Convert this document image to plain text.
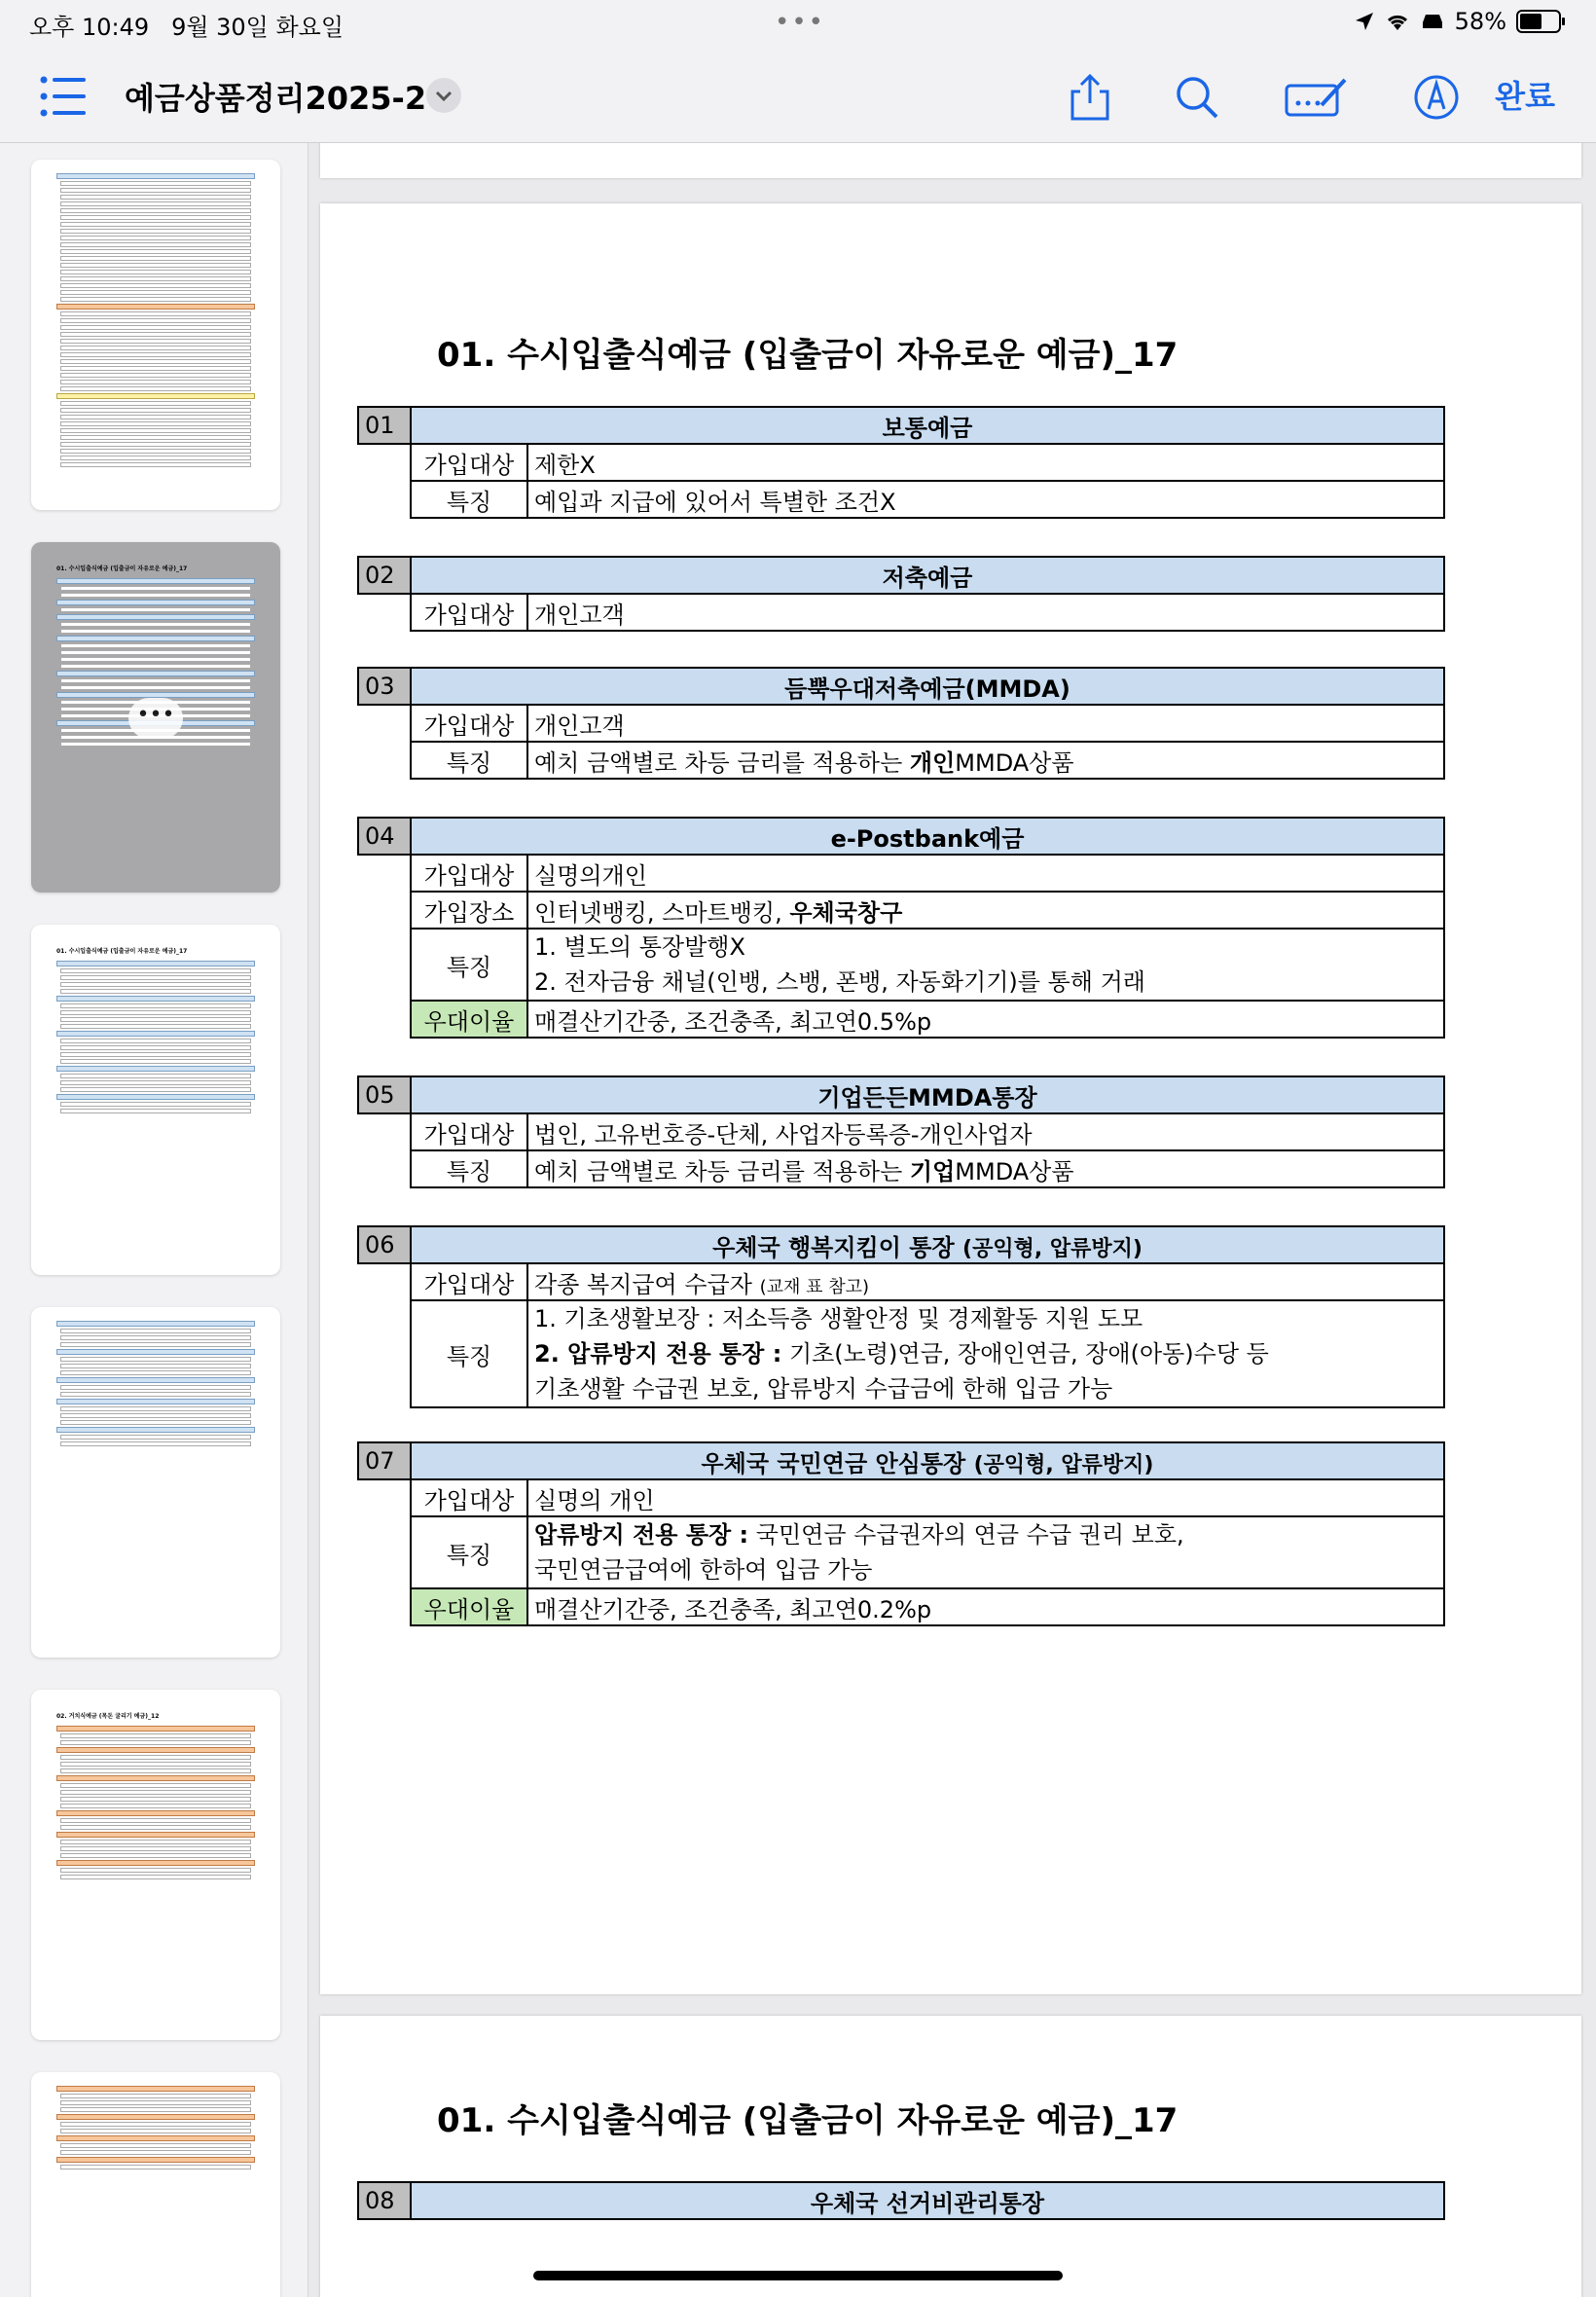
오후 10:49 9월 30일 화요일	•••	58%
예금상품정리2025-2	완료
01. 수시입출식예금 (입출금이 자유로운 예금)_17
•••
01. 수시입출식예금 (입출금이 자유로운 예금)_17
02. 거치식예금 (목돈 굴리기 예금)_12
01. 수시입출식예금 (입출금이 자유로운 예금)_17
01	보통예금	
	가입대상	제한X
	특징	예입과 지급에 있어서 특별한 조건X
02	저축예금	
	가입대상	개인고객
03	듬뿍우대저축예금(MMDA)	
	가입대상	개인고객
	특징	예치 금액별로 차등 금리를 적용하는 개인MMDA상품
04	e-Postbank예금	
	가입대상	실명의개인
	가입장소	인터넷뱅킹, 스마트뱅킹, 우체국창구
	특징	1. 별도의 통장발행X
2. 전자금융 채널(인뱅, 스뱅, 폰뱅, 자동화기기)를 통해 거래

	우대이율	매결산기간중, 조건충족, 최고연0.5%p
05	기업든든MMDA통장	
	가입대상	법인, 고유번호증-단체, 사업자등록증-개인사업자
	특징	예치 금액별로 차등 금리를 적용하는 기업MMDA상품
06	우체국 행복지킴이 통장 (공익형, 압류방지)	
	가입대상	각종 복지급여 수급자 (교재 표 참고)
	특징	1. 기초생활보장 : 저소득층 생활안정 및 경제활동 지원 도모
2. 압류방지 전용 통장 : 기초(노령)연금, 장애인연금, 장애(아동)수당 등
기초생활 수급권 보호, 압류방지 수급금에 한해 입금 가능
07	우체국 국민연금 안심통장 (공익형, 압류방지)	
	가입대상	실명의 개인
	특징	압류방지 전용 통장 : 국민연금 수급권자의 연금 수급 권리 보호,
국민연금급여에 한하여 입금 가능

	우대이율	매결산기간중, 조건충족, 최고연0.2%p
01. 수시입출식예금 (입출금이 자유로운 예금)_17
08	우체국 선거비관리통장
